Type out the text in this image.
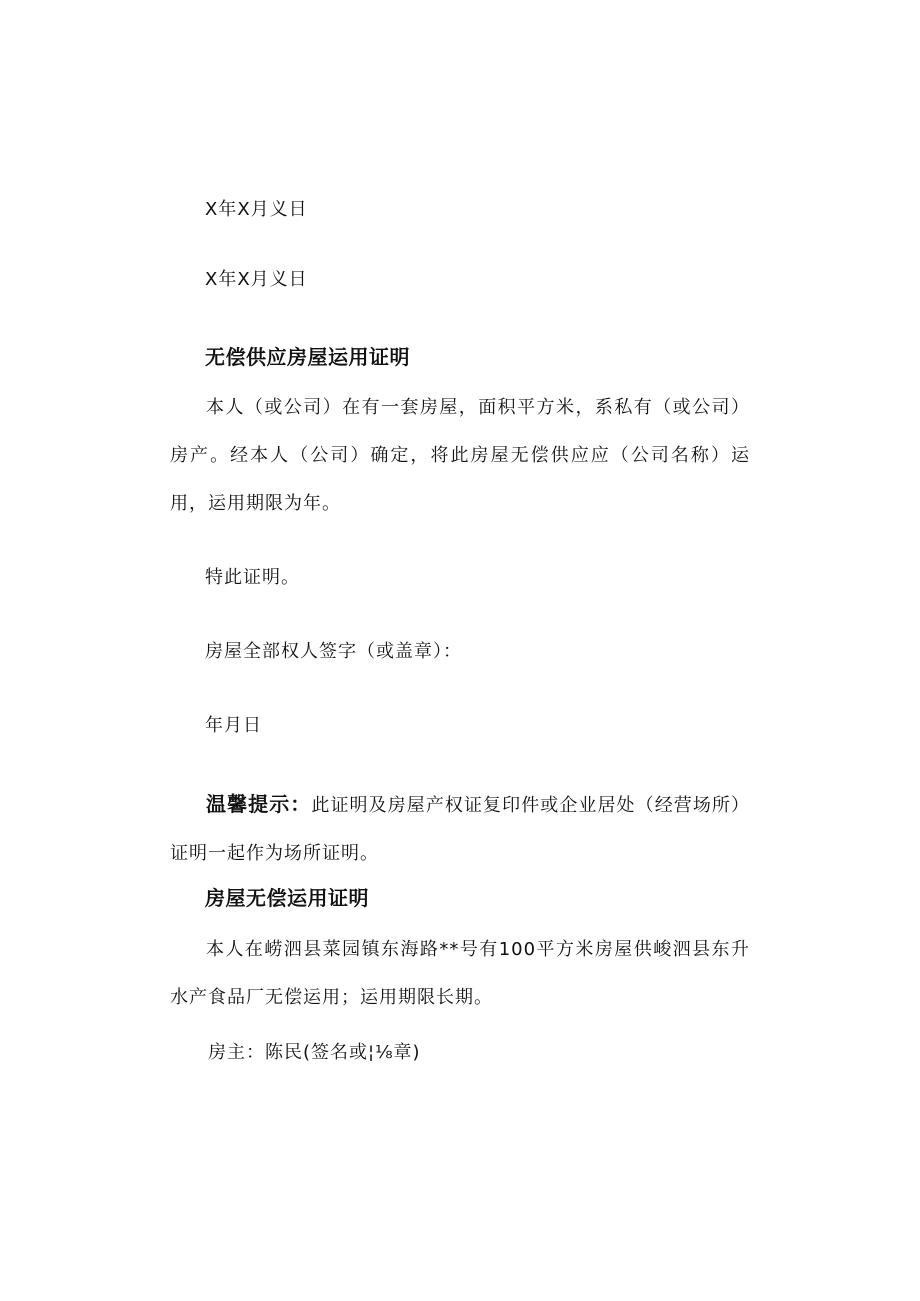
X年X月义日
X年X月义日
无偿供应房屋运用证明
本人（或公司）在有一套房屋，面积平方米，系私有（或公司）房产。经本人（公司）确定，将此房屋无偿供应应（公司名称）运用，运用期限为年。
特此证明。
房屋全部权人签字（或盖章）：
年月日
温馨提示：此证明及房屋产权证复印件或企业居处（经营场所）证明一起作为场所证明。
房屋无偿运用证明
本人在崂泗县菜园镇东海路**号有100平方米房屋供峻泗县东升水产食品厂无偿运用；运用期限长期。
房主：陈民(签名或¦⅛章)
